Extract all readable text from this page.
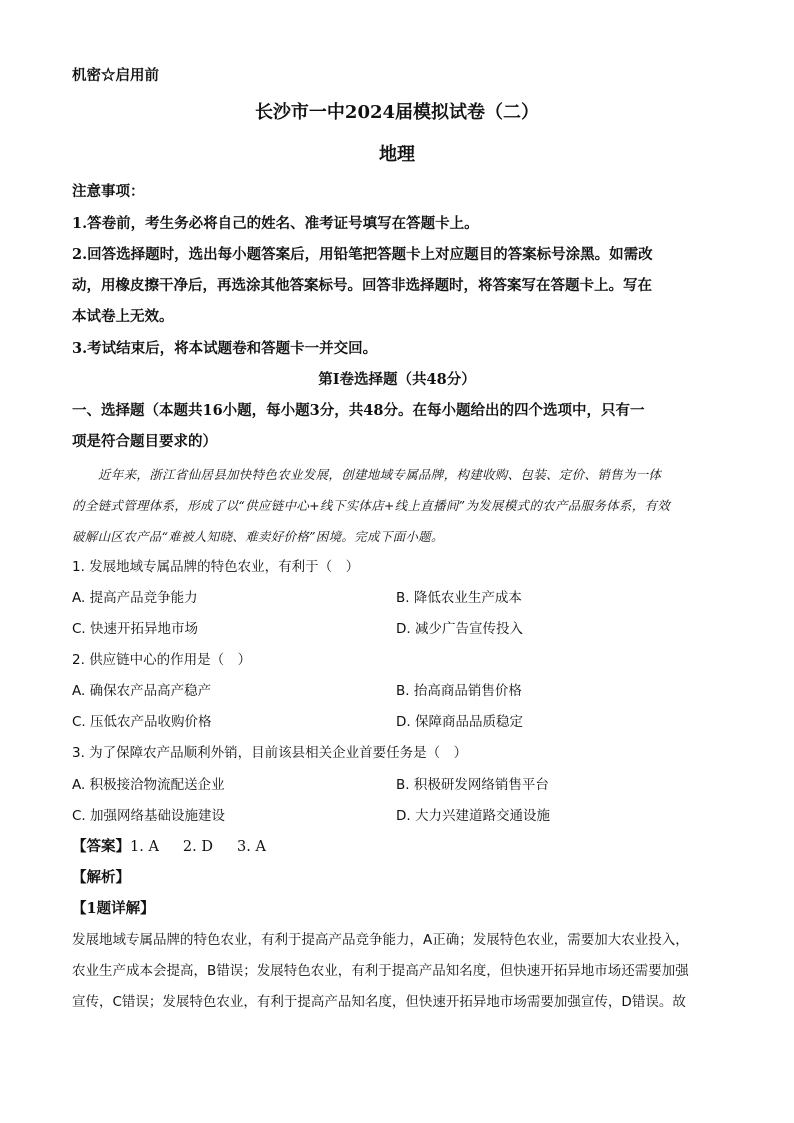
机密☆启用前
长沙市一中2024届模拟试卷（二）
地理
注意事项：
1.答卷前，考生务必将自己的姓名、准考证号填写在答题卡上。
2.回答选择题时，选出每小题答案后，用铅笔把答题卡上对应题目的答案标号涂黑。如需改
动，用橡皮擦干净后，再选涂其他答案标号。回答非选择题时，将答案写在答题卡上。写在
本试卷上无效。
3.考试结束后，将本试题卷和答题卡一并交回。
第Ⅰ卷选择题（共48分）
一、选择题（本题共16小题，每小题3分，共48分。在每小题给出的四个选项中，只有一
项是符合题目要求的）
近年来，浙江省仙居县加快特色农业发展，创建地域专属品牌，构建收购、包装、定价、销售为一体
的全链式管理体系，形成了以“供应链中心+线下实体店+线上直播间”为发展模式的农产品服务体系，有效
破解山区农产品“难被人知晓、难卖好价格”困境。完成下面小题。
1. 发展地域专属品牌的特色农业，有利于（　）
A. 提高产品竞争能力	B. 降低农业生产成本
C. 快速开拓异地市场	D. 减少广告宣传投入
2. 供应链中心的作用是（　）
A. 确保农产品高产稳产	B. 抬高商品销售价格
C. 压低农产品收购价格	D. 保障商品品质稳定
3. 为了保障农产品顺利外销，目前该县相关企业首要任务是（　）
A. 积极接洽物流配送企业	B. 积极研发网络销售平台
C. 加强网络基础设施建设	D. 大力兴建道路交通设施
【答案】1. A 2. D 3. A
【解析】
【1题详解】
发展地域专属品牌的特色农业，有利于提高产品竞争能力，A正确；发展特色农业，需要加大农业投入，
农业生产成本会提高，B错误；发展特色农业，有利于提高产品知名度，但快速开拓异地市场还需要加强
宣传，C错误；发展特色农业，有利于提高产品知名度，但快速开拓异地市场需要加强宣传，D错误。故
